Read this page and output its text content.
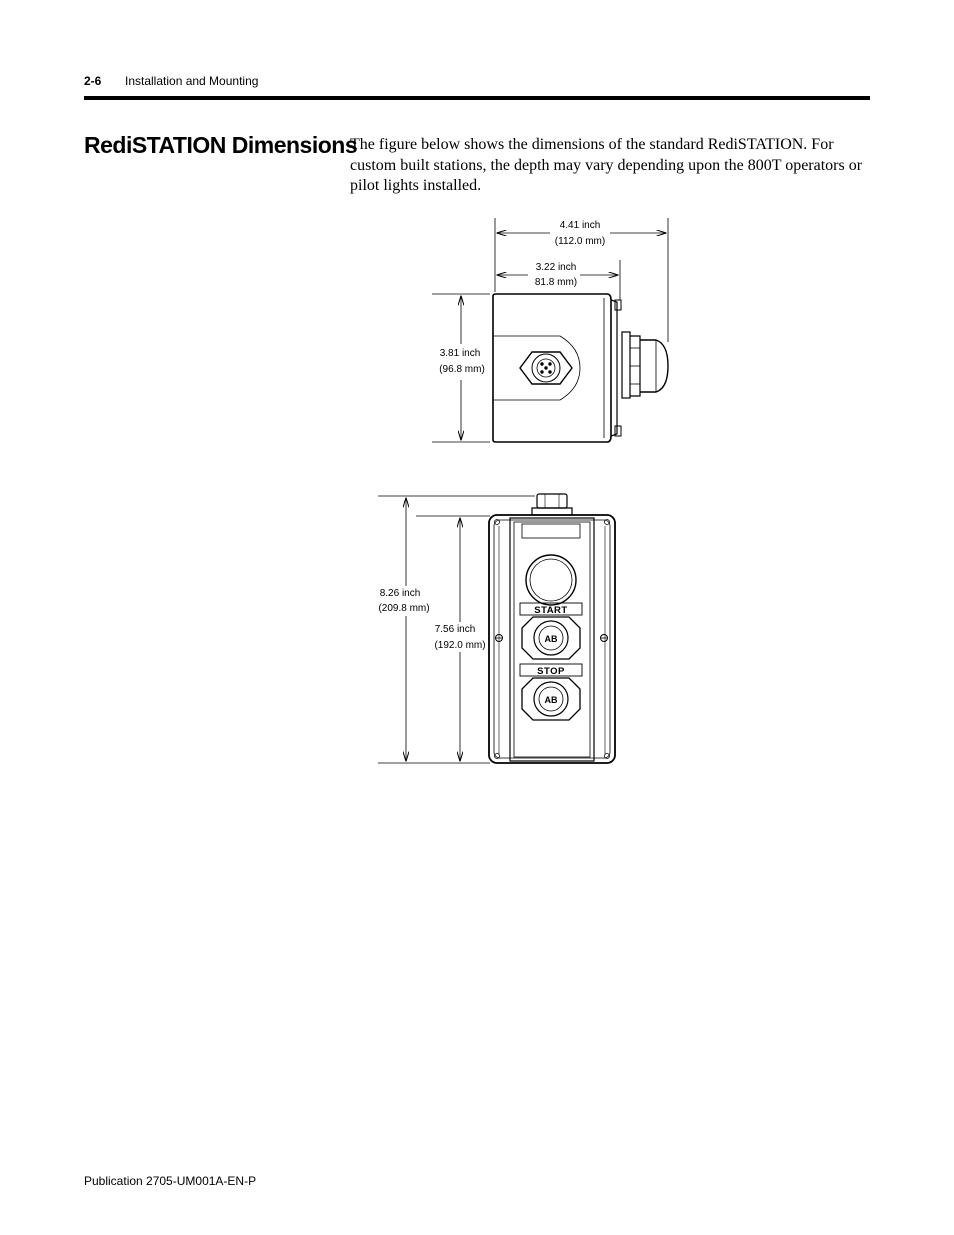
2-6 Installation and Mounting
RediSTATION Dimensions

The figure below shows the dimensions of the standard RediSTATION. For custom built stations, the depth may vary depending upon the 800T operators or pilot lights installed.

4.41 inch
(112.0 mm)
3.22 inch
81.8 mm)
3.81 inch
(96.8 mm)
START
STOP
AB
AB
8.26 inch
(209.8 mm)
7.56 inch
(192.0 mm)
Publication 2705-UM001A-EN-P
